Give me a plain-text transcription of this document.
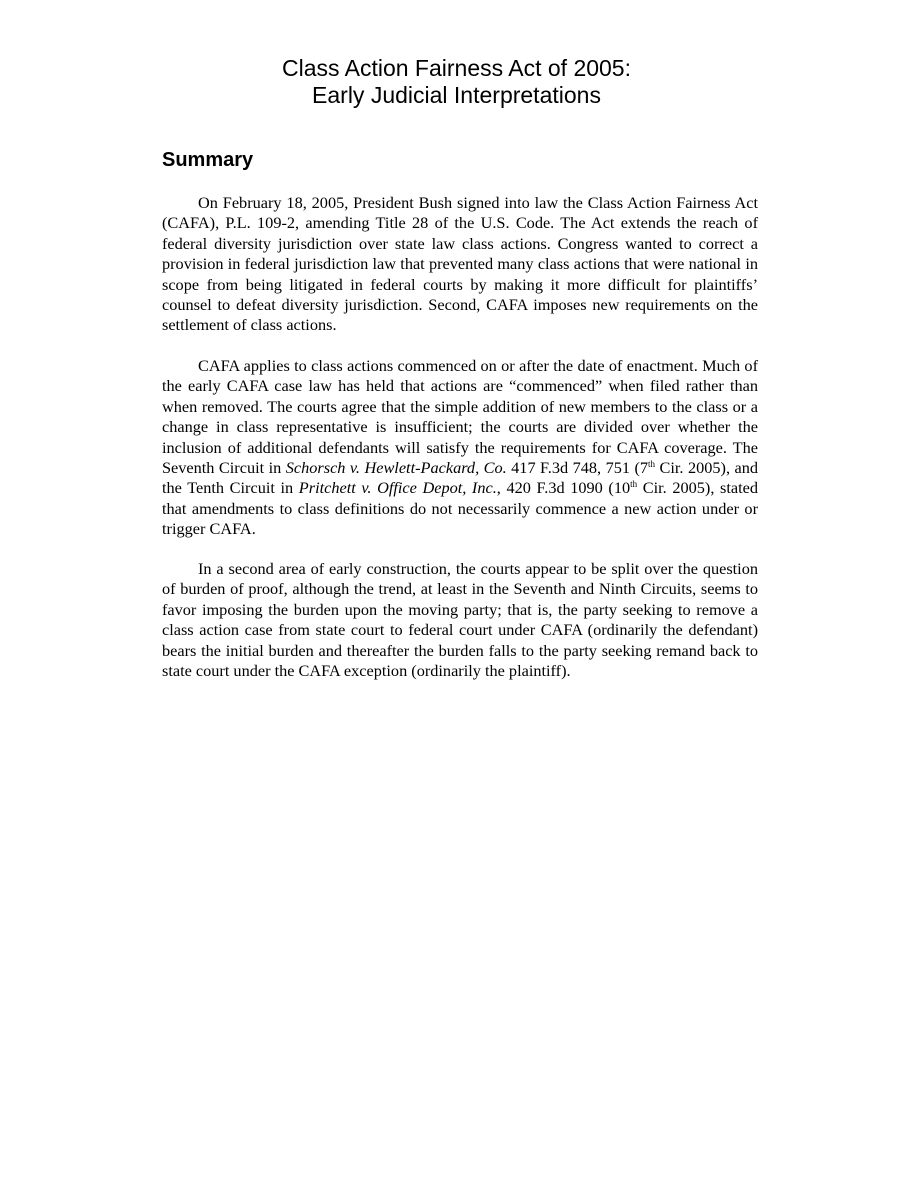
Class Action Fairness Act of 2005:
Early Judicial Interpretations
Summary

On February 18, 2005, President Bush signed into law the Class Action Fairness Act (CAFA), P.L. 109-2, amending Title 28 of the U.S. Code. The Act extends the reach of federal diversity jurisdiction over state law class actions. Congress wanted to correct a provision in federal jurisdiction law that prevented many class actions that were national in scope from being litigated in federal courts by making it more difficult for plaintiffs’ counsel to defeat diversity jurisdiction. Second, CAFA imposes new requirements on the settlement of class actions.

CAFA applies to class actions commenced on or after the date of enactment. Much of the early CAFA case law has held that actions are “commenced” when filed rather than when removed. The courts agree that the simple addition of new members to the class or a change in class representative is insufficient; the courts are divided over whether the inclusion of additional defendants will satisfy the requirements for CAFA coverage. The Seventh Circuit in Schorsch v. Hewlett-Packard, Co. 417 F.3d 748, 751 (7th Cir. 2005), and the Tenth Circuit in Pritchett v. Office Depot, Inc., 420 F.3d 1090 (10th Cir. 2005), stated that amendments to class definitions do not necessarily commence a new action under or trigger CAFA.

In a second area of early construction, the courts appear to be split over the question of burden of proof, although the trend, at least in the Seventh and Ninth Circuits, seems to favor imposing the burden upon the moving party; that is, the party seeking to remove a class action case from state court to federal court under CAFA (ordinarily the defendant) bears the initial burden and thereafter the burden falls to the party seeking remand back to state court under the CAFA exception (ordinarily the plaintiff).
